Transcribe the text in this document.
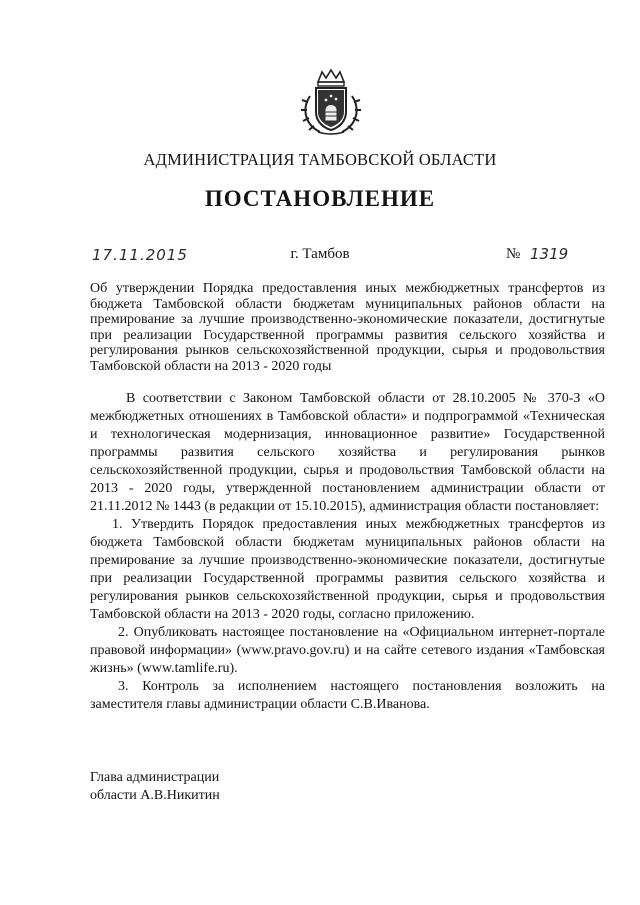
АДМИНИСТРАЦИЯ ТАМБОВСКОЙ ОБЛАСТИ
ПОСТАНОВЛЕНИЕ
17.11.2015	г. Тамбов	№ 1319
Об утверждении Порядка предоставления иных межбюджетных трансфертов из бюджета Тамбовской области бюджетам муниципальных районов области на премирование за лучшие производственно-экономические показатели, достигнутые при реализации Государственной программы развития сельского хозяйства и регулирования рынков сельскохозяйственной продукции, сырья и продовольствия Тамбовской области на 2013 - 2020 годы

В соответствии с Законом Тамбовской области от 28.10.2005 № 370-З «О межбюджетных отношениях в Тамбовской области» и подпрограммой «Техническая и технологическая модернизация, инновационное развитие» Государственной программы развития сельского хозяйства и регулирования рынков сельскохозяйственной продукции, сырья и продовольствия Тамбовской области на 2013 - 2020 годы, утвержденной постановлением администрации области от 21.11.2012 № 1443 (в редакции от 15.10.2015), администрация области постановляет:

1. Утвердить Порядок предоставления иных межбюджетных трансфертов из бюджета Тамбовской области бюджетам муниципальных районов области на премирование за лучшие производственно-экономические показатели, достигнутые при реализации Государственной программы развития сельского хозяйства и регулирования рынков сельскохозяйственной продукции, сырья и продовольствия Тамбовской области на 2013 - 2020 годы, согласно приложению.

2. Опубликовать настоящее постановление на «Официальном интернет-портале правовой информации» (www.pravo.gov.ru) и на сайте сетевого издания «Тамбовская жизнь» (www.tamlife.ru).

3. Контроль за исполнением настоящего постановления возложить на заместителя главы администрации области С.В.Иванова.

Глава администрации
области А.В.Никитин
